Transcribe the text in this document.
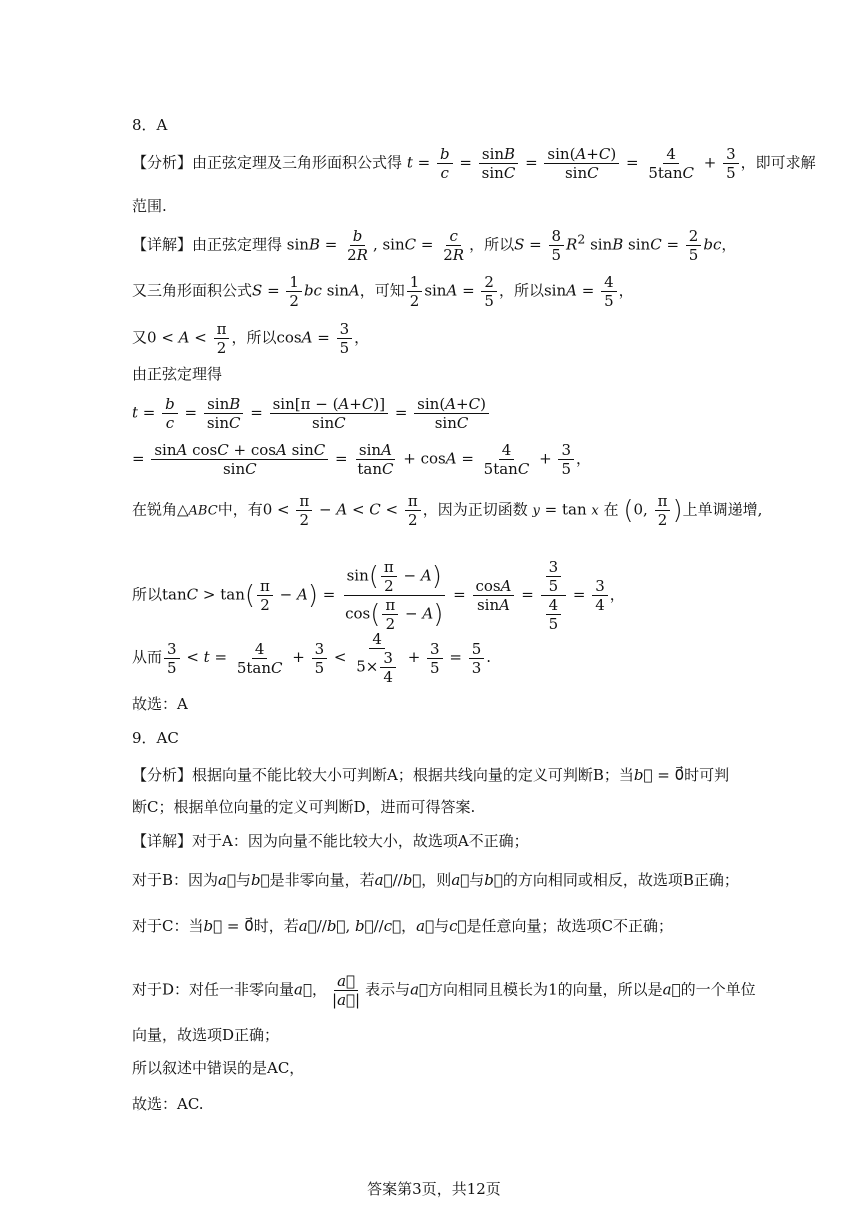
8．A
【分析】由正弦定理及三角形面积公式得 $t = \frac{b}{c} = \frac{\sin B}{\sin C} = \frac{\sin(A+C)}{\sin C} = \frac{4}{5\tan C} + \frac{3}{5}$ ，即可求解
范围.
【详解】由正弦定理得 $\sin B = \frac{b}{2R}$ , $\sin C = \frac{c}{2R}$ ，所以$S = \frac{8}{5} R^2$ sinB $\sin C = \frac{2}{5}$ bc，
又三角形面积公式$S = \frac{1}{2}$ bc sinA，可知 $\frac{1}{2}$ $\sin A = \frac{2}{5}$ ，所以$\sin A = \frac{4}{5}$ ，
又$0 < A < \frac{\pi}{2}$ ，所以$\cos A = \frac{3}{5}$ ，
由正弦定理得
$t = \frac{b}{c} = \frac{\sin B}{\sin C} = \frac{\sin[\pi - (A+C)]}{\sin C} = \frac{\sin(A+C)}{\sin C}$
= $\frac{\text{sinA cosC + cosA sinC}}{\sin C} = \frac{\sin A}{\tan C} + \cos A = \frac{4}{5\tan C} + \frac{3}{5}$ ，
在锐角△ABC中，有$0 < \frac{\pi}{2} - A < C < \frac{\pi}{2}$ ，因为正切函数 y = tan x 在 (0, $\frac{\pi}{2}$ )上单调递增,
所以$\tan C > \tan( \frac{\pi}{2} - A) = \frac{\sin( \frac{\pi}{2} - A)}{\cos( \frac{\pi}{2} - A)} = \frac{\cos A}{\sin A} = \frac{\frac{3}{5}}{\frac{4}{5}} = \frac{3}{4}$ ，
从而 $\frac{3}{5} < t = \frac{4}{5\tan C} + \frac{3}{5} < \frac{4}{5\times \frac{3}{4}} + \frac{3}{5} = \frac{5}{3}$ .
故选：A
9．AC
【分析】根据向量不能比较大小可判断A；根据共线向量的定义可判断B；当b⃗ = 0⃗时可判
断C；根据单位向量的定义可判断D，进而可得答案.
【详解】对于A：因为向量不能比较大小，故选项A不正确；
对于B：因为a⃗与b⃗是非零向量，若a⃗//b⃗，则a⃗与b⃗的方向相同或相反，故选项B正确；
对于C：当b⃗ = 0⃗时，若a⃗//b⃗, b⃗//c⃗，a⃗与c⃗是任意向量；故选项C不正确；
对于D：对任一非零向量a⃗， $\frac{a⃗}{|a⃗|}$ 表示与a⃗方向相同且模长为1的向量，所以是a⃗的一个单位
向量，故选项D正确；
所以叙述中错误的是AC，
故选：AC.
答案第3页，共12页
